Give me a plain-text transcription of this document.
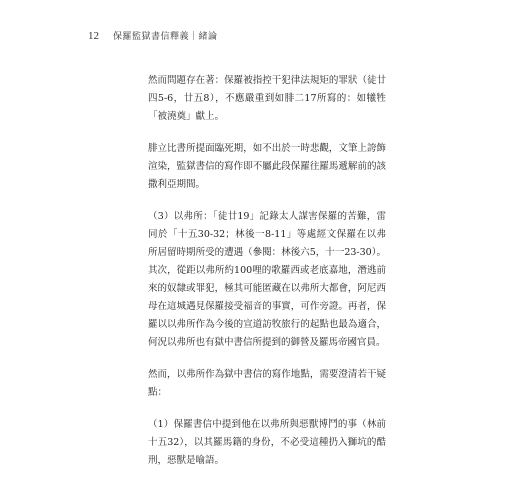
12 保羅監獄書信釋義｜緒論

然而問題存在著：保羅被指控干犯律法規矩的罪狀（徒廿四5-6，廿五8），不應嚴重到如腓二17所寫的：如犧牲「被澆奠」獻上。

腓立比書所提面臨死期，如不出於一時悲觀，文筆上誇飾渲染，監獄書信的寫作即不屬此段保羅往羅馬遞解前的該撒利亞期間。

（3）以弗所：「徒廿19」記錄太人謀害保羅的苦難，雷同於「十五30-32；林後一8-11」等處經文保羅在以弗所居留時期所受的遭遇（參閱：林後六5，十一23-30）。其次，從距以弗所約100哩的歌羅西或老底嘉地，潛逃前來的奴隸或罪犯，極其可能匿藏在以弗所大都會，阿尼西母在這城遇見保羅接受福音的事實，可作旁證。再者，保羅以以弗所作為今後的宣道訪牧旅行的起點也最為適合，何況以弗所也有獄中書信所提到的御營及羅馬帝國官員。

然而，以弗所作為獄中書信的寫作地點，需要澄清若干疑點：

（1）保羅書信中提到他在以弗所與惡獸博鬥的事（林前十五32），以其羅馬籍的身份，不必受這種扔入獅坑的酷刑，惡獸是喻語。
